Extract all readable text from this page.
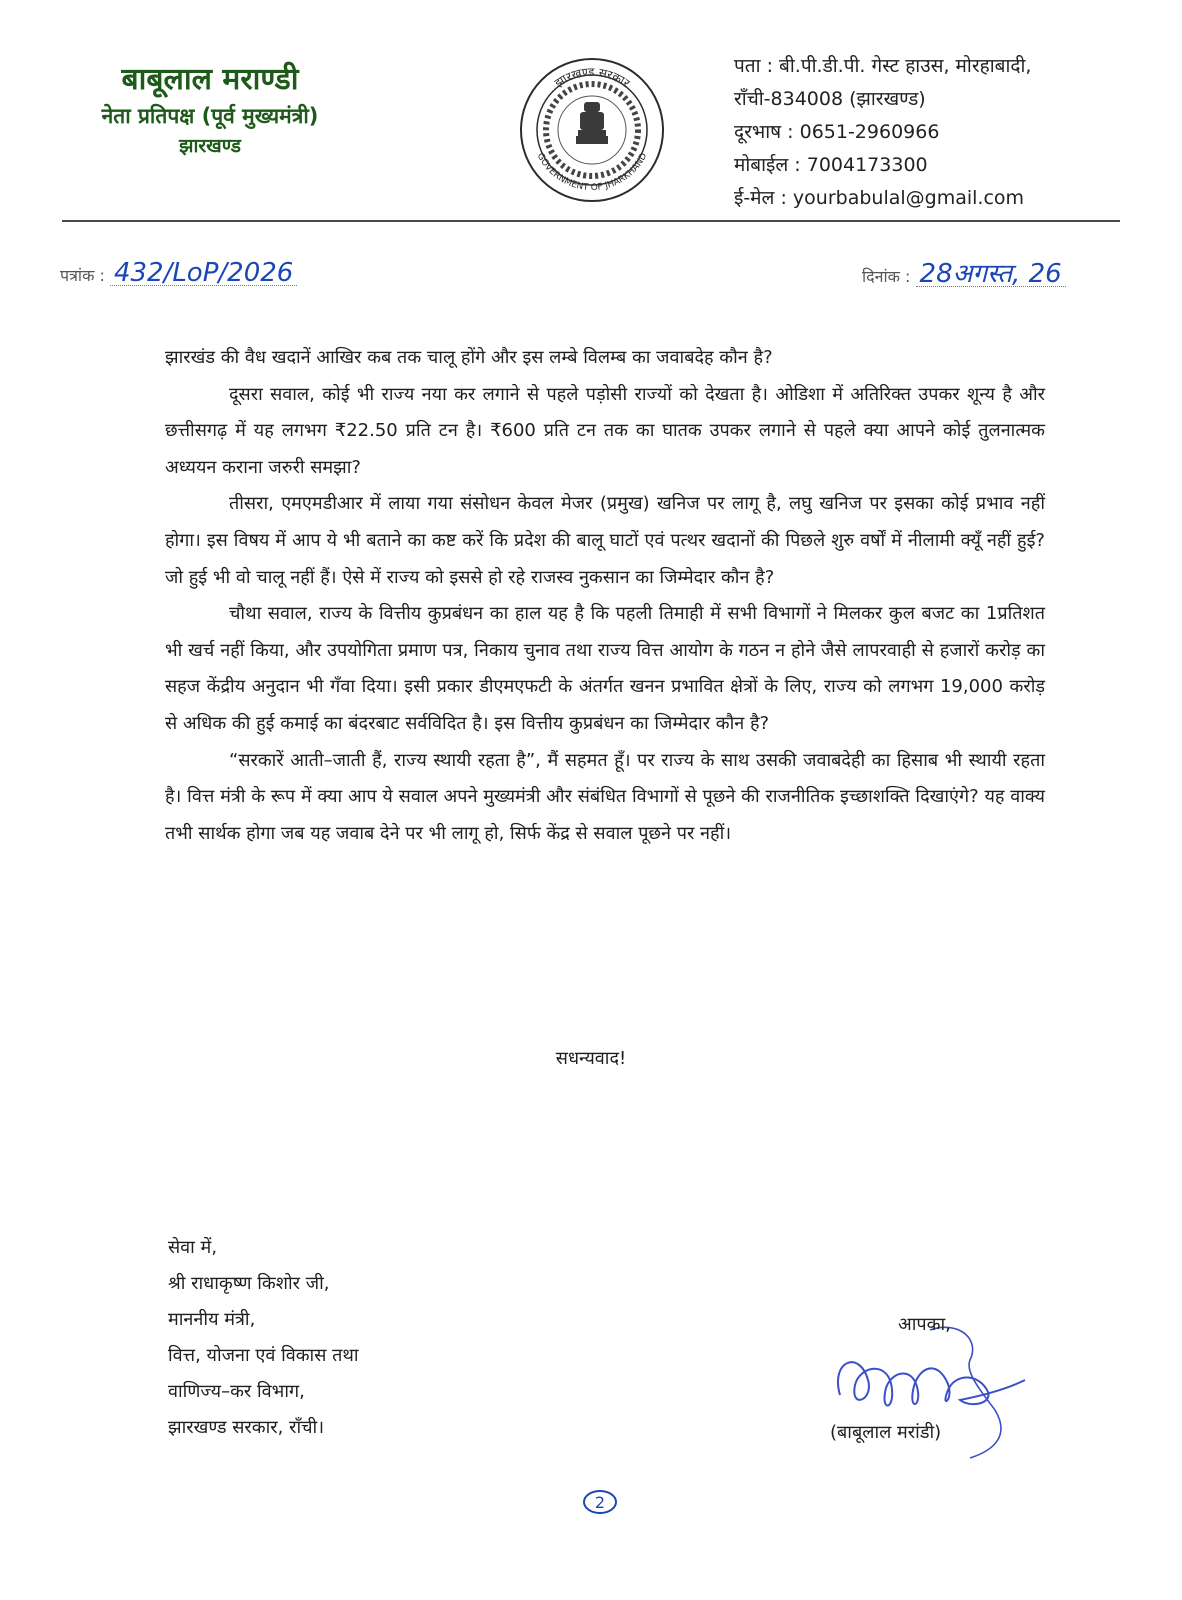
बाबूलाल मराण्डी
नेता प्रतिपक्ष (पूर्व मुख्यमंत्री)
झारखण्ड
झारखण्ड सरकार
GOVERNMENT OF JHARKHAND
पता : बी.पी.डी.पी. गेस्ट हाउस, मोरहाबादी,
राँची-834008 (झारखण्ड)
दूरभाष : 0651-2960966
मोबाईल : 7004173300
ई-मेल : yourbabulal@gmail.com
पत्रांक : 432/LoP/2026	दिनांक : 28अगस्त, 26

झारखंड की वैध खदानें आखिर कब तक चालू होंगे और इस लम्बे विलम्ब का जवाबदेह कौन है?

दूसरा सवाल, कोई भी राज्य नया कर लगाने से पहले पड़ोसी राज्यों को देखता है। ओडिशा में अतिरिक्त उपकर शून्य है और छत्तीसगढ़ में यह लगभग ₹22.50 प्रति टन है। ₹600 प्रति टन तक का घातक उपकर लगाने से पहले क्या आपने कोई तुलनात्मक अध्ययन कराना जरुरी समझा?

तीसरा, एमएमडीआर में लाया गया संसोधन केवल मेजर (प्रमुख) खनिज पर लागू है, लघु खनिज पर इसका कोई प्रभाव नहीं होगा। इस विषय में आप ये भी बताने का कष्ट करें कि प्रदेश की बालू घाटों एवं पत्थर खदानों की पिछले शुरु वर्षों में नीलामी क्यूँ नहीं हुई? जो हुई भी वो चालू नहीं हैं। ऐसे में राज्य को इससे हो रहे राजस्व नुकसान का जिम्मेदार कौन है?

चौथा सवाल, राज्य के वित्तीय कुप्रबंधन का हाल यह है कि पहली तिमाही में सभी विभागों ने मिलकर कुल बजट का 1प्रतिशत भी खर्च नहीं किया, और उपयोगिता प्रमाण पत्र, निकाय चुनाव तथा राज्य वित्त आयोग के गठन न होने जैसे लापरवाही से हजारों करोड़ का सहज केंद्रीय अनुदान भी गँवा दिया। इसी प्रकार डीएमएफटी के अंतर्गत खनन प्रभावित क्षेत्रों के लिए, राज्य को लगभग 19,000 करोड़ से अधिक की हुई कमाई का बंदरबाट सर्वविदित है। इस वित्तीय कुप्रबंधन का जिम्मेदार कौन है?

“सरकारें आती–जाती हैं, राज्य स्थायी रहता है”, मैं सहमत हूँ। पर राज्य के साथ उसकी जवाबदेही का हिसाब भी स्थायी रहता है। वित्त मंत्री के रूप में क्या आप ये सवाल अपने मुख्यमंत्री और संबंधित विभागों से पूछने की राजनीतिक इच्छाशक्ति दिखाएंगे? यह वाक्य तभी सार्थक होगा जब यह जवाब देने पर भी लागू हो, सिर्फ केंद्र से सवाल पूछने पर नहीं।

सधन्यवाद!
सेवा में,
श्री राधाकृष्ण किशोर जी,
माननीय मंत्री,
वित्त, योजना एवं विकास तथा
वाणिज्य–कर विभाग,
झारखण्ड सरकार, राँची।
आपका,
(बाबूलाल मरांडी)
2
